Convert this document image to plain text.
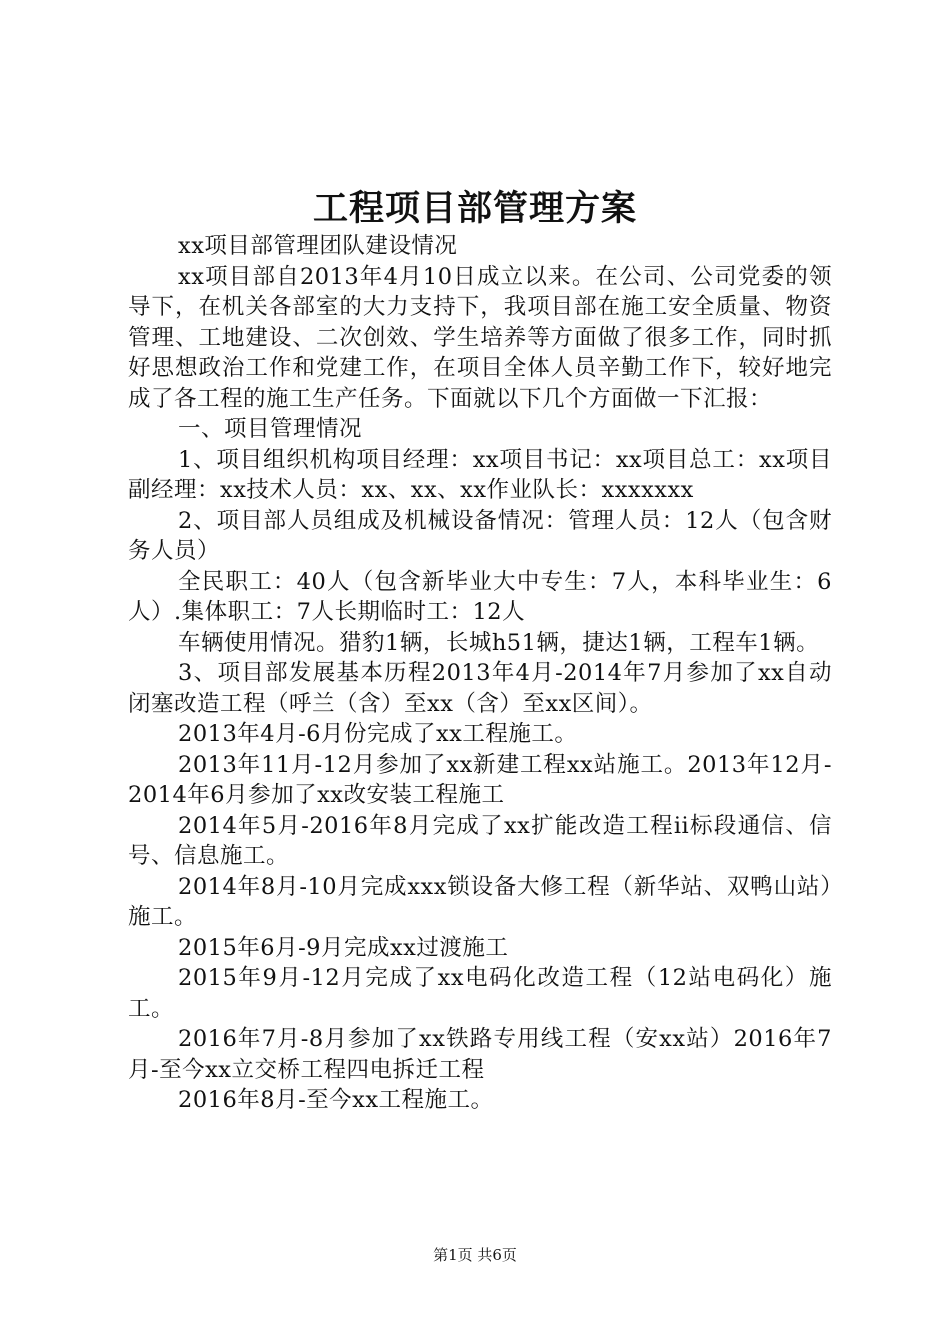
工程项目部管理方案

xx项目部管理团队建设情况

xx项目部自2013年4月10日成立以来。在公司、公司党委的领导下，在机关各部室的大力支持下，我项目部在施工安全质量、物资管理、工地建设、二次创效、学生培养等方面做了很多工作，同时抓好思想政治工作和党建工作，在项目全体人员辛勤工作下，较好地完成了各工程的施工生产任务。下面就以下几个方面做一下汇报：

一、项目管理情况

1、项目组织机构项目经理：xx项目书记：xx项目总工：xx项目副经理：xx技术人员：xx、xx、xx作业队长：xxxxxxx

2、项目部人员组成及机械设备情况：管理人员：12人（包含财务人员）

全民职工：40人（包含新毕业大中专生：7人，本科毕业生：6人）.集体职工：7人长期临时工：12人

车辆使用情况。猎豹1辆，长城h51辆，捷达1辆，工程车1辆。

3、项目部发展基本历程2013年4月-2014年7月参加了xx自动闭塞改造工程（呼兰（含）至xx（含）至xx区间）。

2013年4月-6月份完成了xx工程施工。

2013年11月-12月参加了xx新建工程xx站施工。2013年12月-2014年6月参加了xx改安装工程施工

2014年5月-2016年8月完成了xx扩能改造工程ii标段通信、信号、信息施工。

2014年8月-10月完成xxx锁设备大修工程（新华站、双鸭山站）施工。

2015年6月-9月完成xx过渡施工

2015年9月-12月完成了xx电码化改造工程（12站电码化）施工。

2016年7月-8月参加了xx铁路专用线工程（安xx站）2016年7月-至今xx立交桥工程四电拆迁工程

2016年8月-至今xx工程施工。

第1页 共6页
